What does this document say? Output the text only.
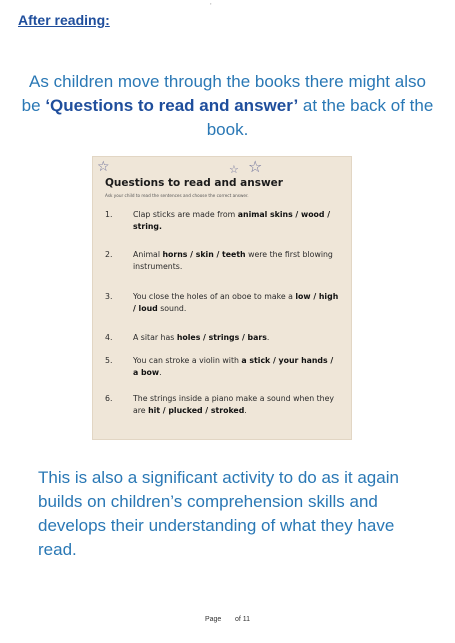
,
After reading:
As children move through the books there might also be ‘Questions to read and answer’ at the back of the book.
☆	☆ ☆
Questions to read and answer
Ask your child to read the sentences and choose the correct answer.
1.	Clap sticks are made from animal skins / wood / string.
2.	Animal horns / skin / teeth were the first blowing instruments.
3.	You close the holes of an oboe to make a low / high / loud sound.
4.	A sitar has holes / strings / bars.
5.	You can stroke a violin with a stick / your hands / a bow.
6.	The strings inside a piano make a sound when they are hit / plucked / stroked.
This is also a significant activity to do as it again builds on children’s comprehension skills and develops their understanding of what they have read.
Page of 11
